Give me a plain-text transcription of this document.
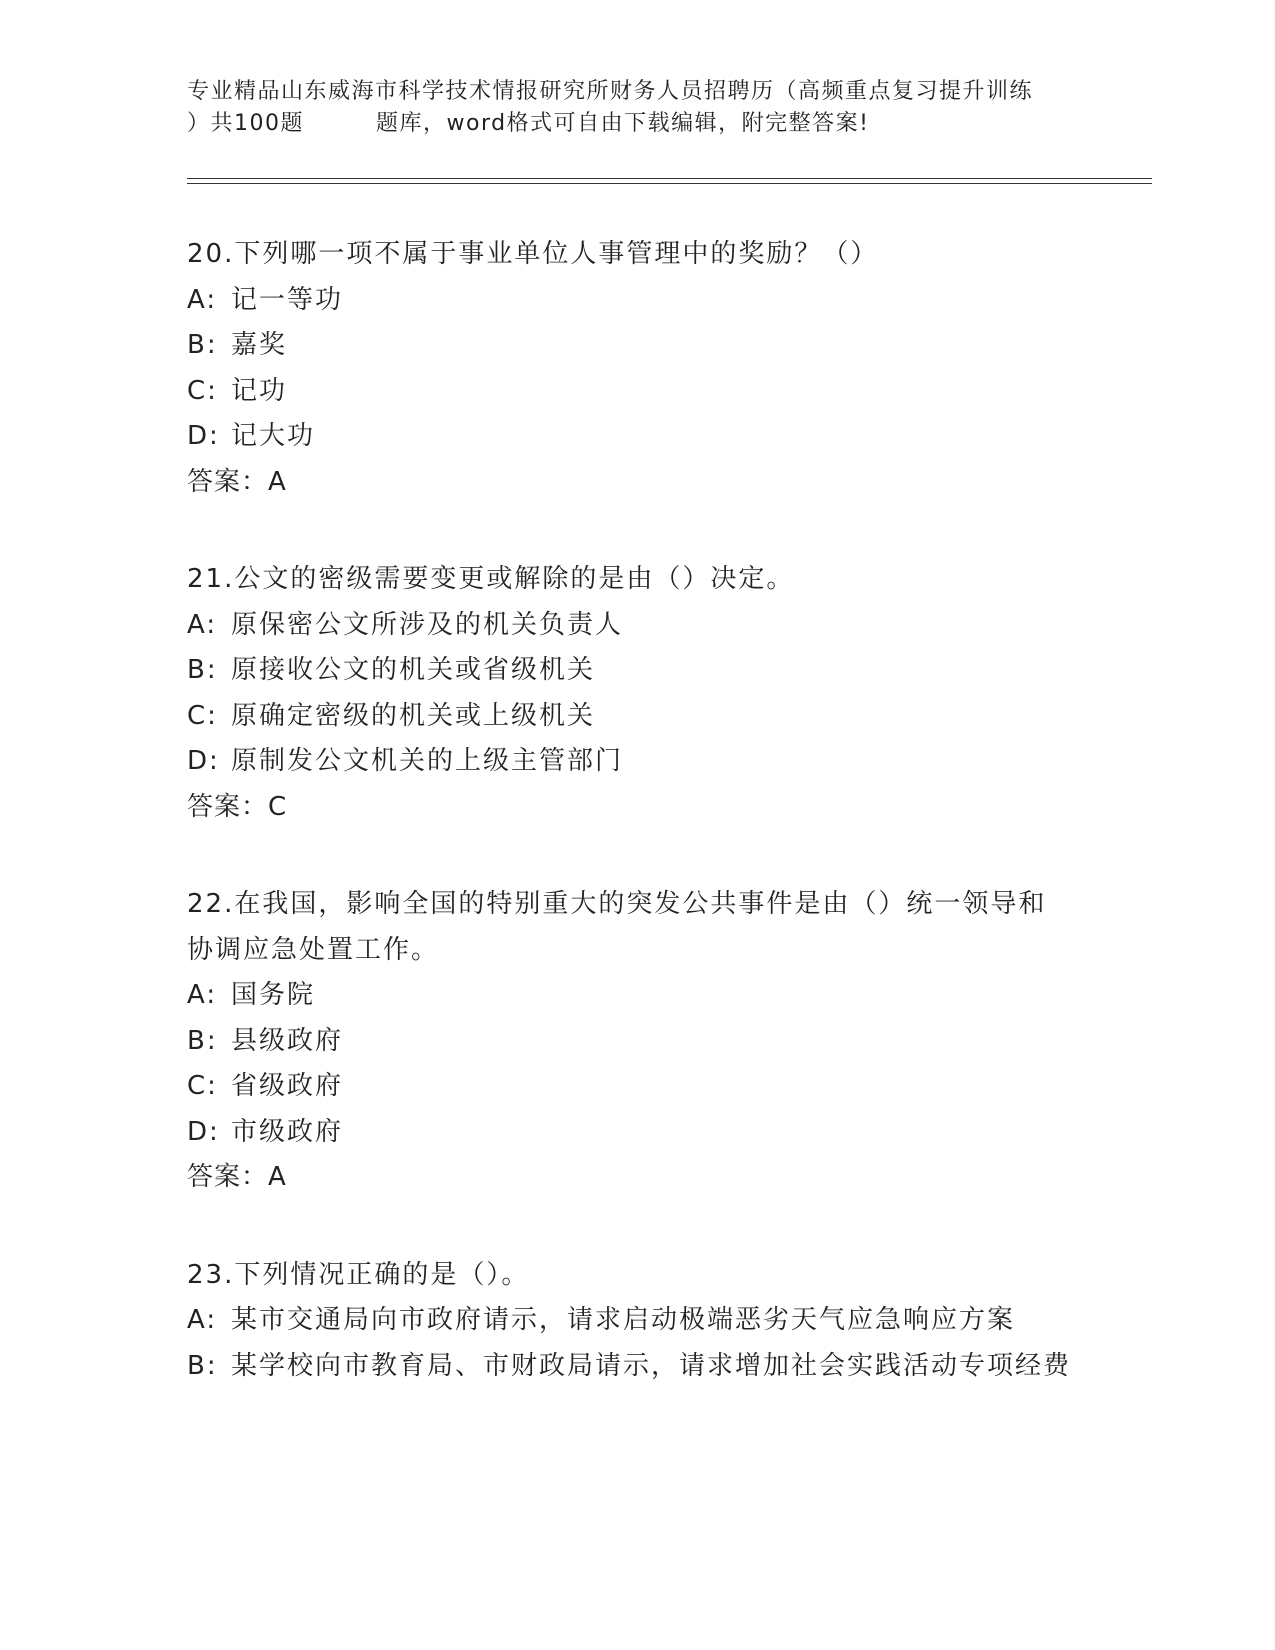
专业精品山东威海市科学技术情报研究所财务人员招聘历（高频重点复习提升训练
）共100题	题库，word格式可自由下载编辑，附完整答案!
20.下列哪一项不属于事业单位人事管理中的奖励？（）
A: 记一等功
B: 嘉奖
C: 记功
D: 记大功
答案：A
21.公文的密级需要变更或解除的是由（）决定。
A: 原保密公文所涉及的机关负责人
B: 原接收公文的机关或省级机关
C: 原确定密级的机关或上级机关
D: 原制发公文机关的上级主管部门
答案：C
22.在我国，影响全国的特别重大的突发公共事件是由（）统一领导和协调应急处置工作。
A: 国务院
B: 县级政府
C: 省级政府
D: 市级政府
答案：A
23.下列情况正确的是（）。
A: 某市交通局向市政府请示，请求启动极端恶劣天气应急响应方案
B: 某学校向市教育局、市财政局请示，请求增加社会实践活动专项经费
